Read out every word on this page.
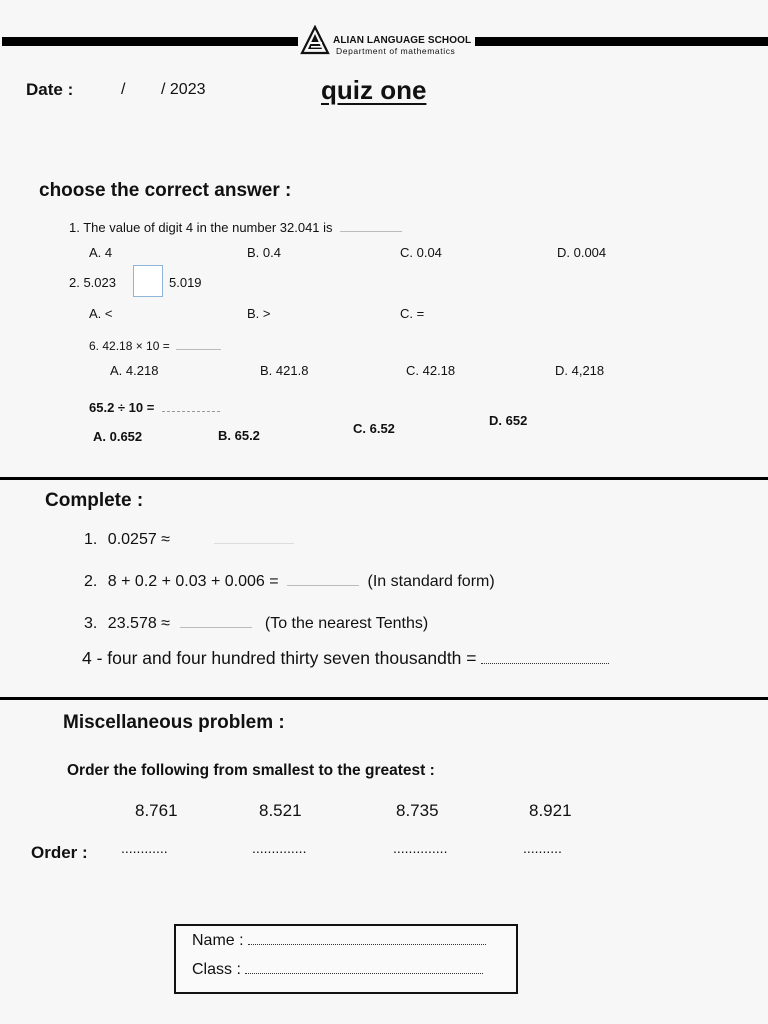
ALIAN LANGUAGE SCHOOL
Department of mathematics
Date :	/        / 2023	quiz one
choose the correct answer :
1. The value of digit 4 in the number 32.041 is
A. 4	B. 0.4	C. 0.04	D. 0.004
2. 5.023	5.019
A. <	B. >	C. =
6. 42.18 × 10 =
A. 4.218	B. 421.8	C. 42.18	D. 4,218
65.2 ÷ 10 =
A. 0.652	B. 65.2	C. 6.52
D. 652
Complete :
1. 0.0257 ≈
2. 8 + 0.2 + 0.03 + 0.006 =	(In standard form)
3. 23.578 ≈	(To the nearest Tenths)
4 - four and four hundred thirty seven thousandth =
Miscellaneous problem :
Order the following from smallest to the greatest :
8.761	8.521	8.735	8.921
Order : ............	..............	..............	..........
Name :
Class :
